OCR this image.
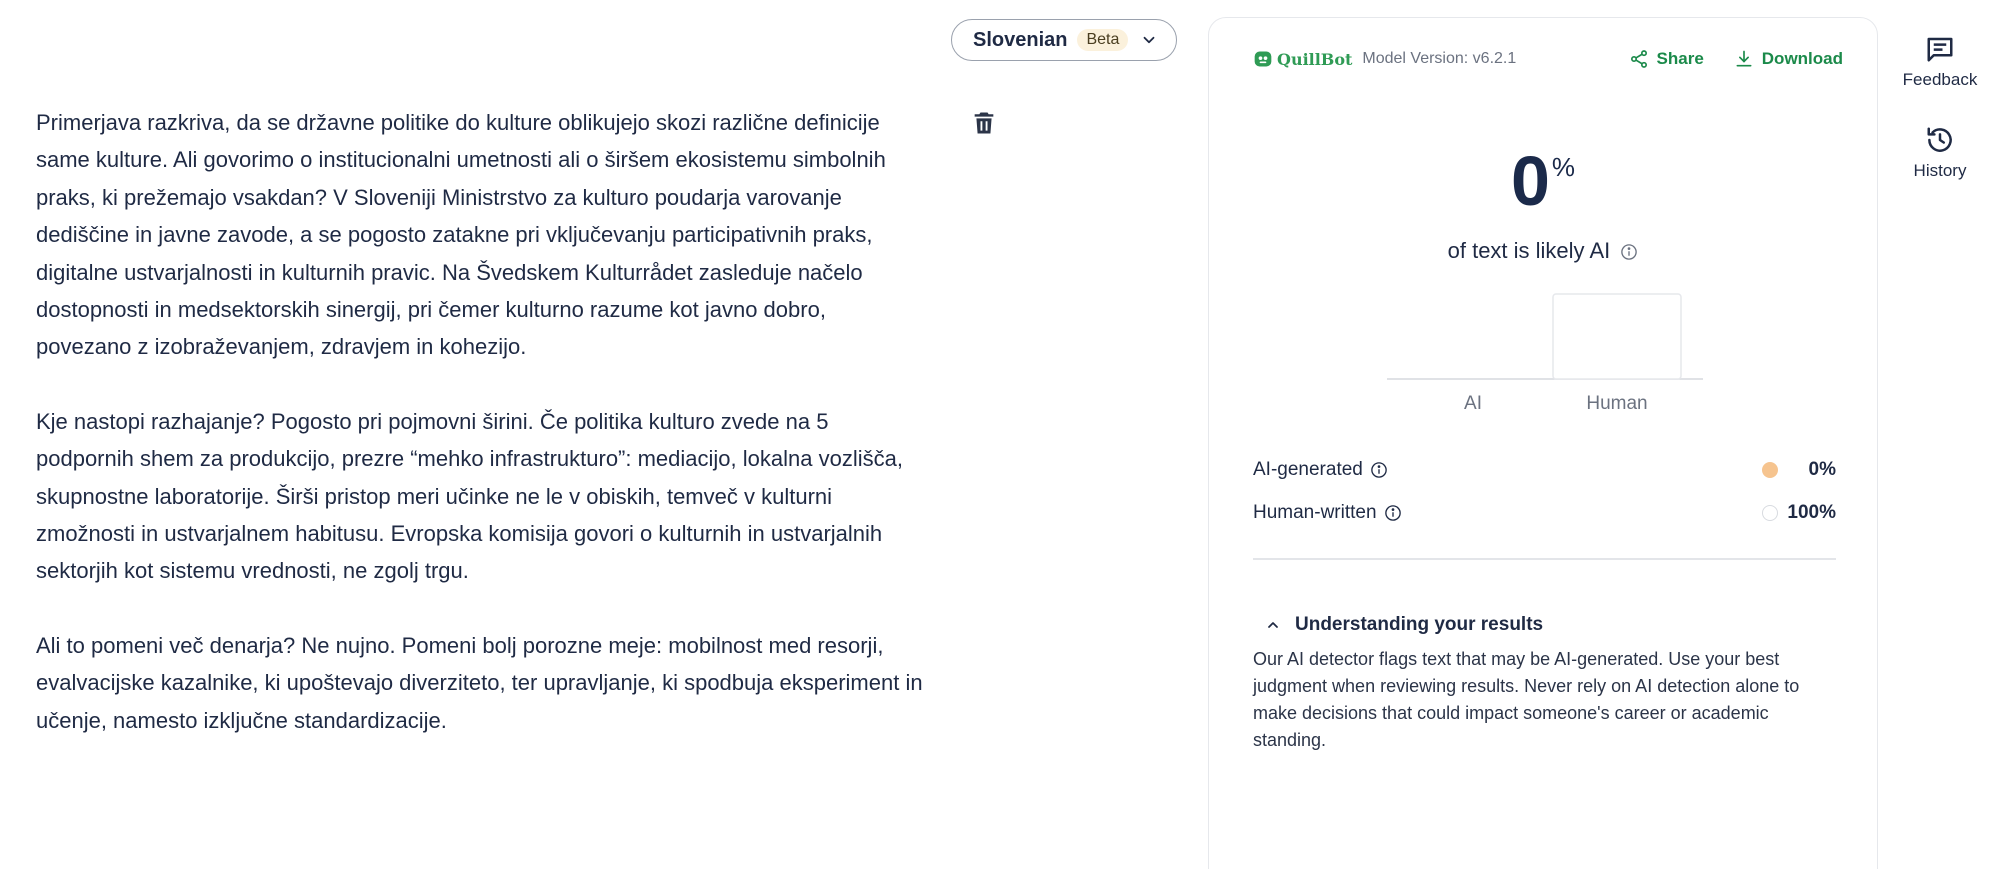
Slovenian	Beta

Primerjava razkriva, da se državne politike do kulture oblikujejo skozi različne definicije same kulture. Ali govorimo o institucionalni umetnosti ali o širšem ekosistemu simbolnih praks, ki prežemajo vsakdan? V Sloveniji Ministrstvo za kulturo poudarja varovanje dediščine in javne zavode, a se pogosto zatakne pri vključevanju participativnih praks, digitalne ustvarjalnosti in kulturnih pravic. Na Švedskem Kulturrådet zasleduje načelo dostopnosti in medsektorskih sinergij, pri čemer kulturno razume kot javno dobro, povezano z izobraževanjem, zdravjem in kohezijo.

Kje nastopi razhajanje? Pogosto pri pojmovni širini. Če politika kulturo zvede na 5 podpornih shem za produkcijo, prezre “mehko infrastrukturo”: mediacijo, lokalna vozlišča, skupnostne laboratorije. Širši pristop meri učinke ne le v obiskih, temveč v kulturni zmožnosti in ustvarjalnem habitusu. Evropska komisija govori o kulturnih in ustvarjalnih sektorjih kot sistemu vrednosti, ne zgolj trgu.

Ali to pomeni več denarja? Ne nujno. Pomeni bolj porozne meje: mobilnost med resorji, evalvacijske kazalnike, ki upoštevajo diverziteto, ter upravljanje, ki spodbuja eksperiment in učenje, namesto izključne standardizacije.

QuillBot Model Version: v6.2.1	Share	Download
0%
of text is likely AI
AI	Human
AI-generated	0%
Human-written	100%
Understanding your results

Our AI detector flags text that may be AI-generated. Use your best judgment when reviewing results. Never rely on AI detection alone to make decisions that could impact someone's career or academic standing.

Feedback
History
